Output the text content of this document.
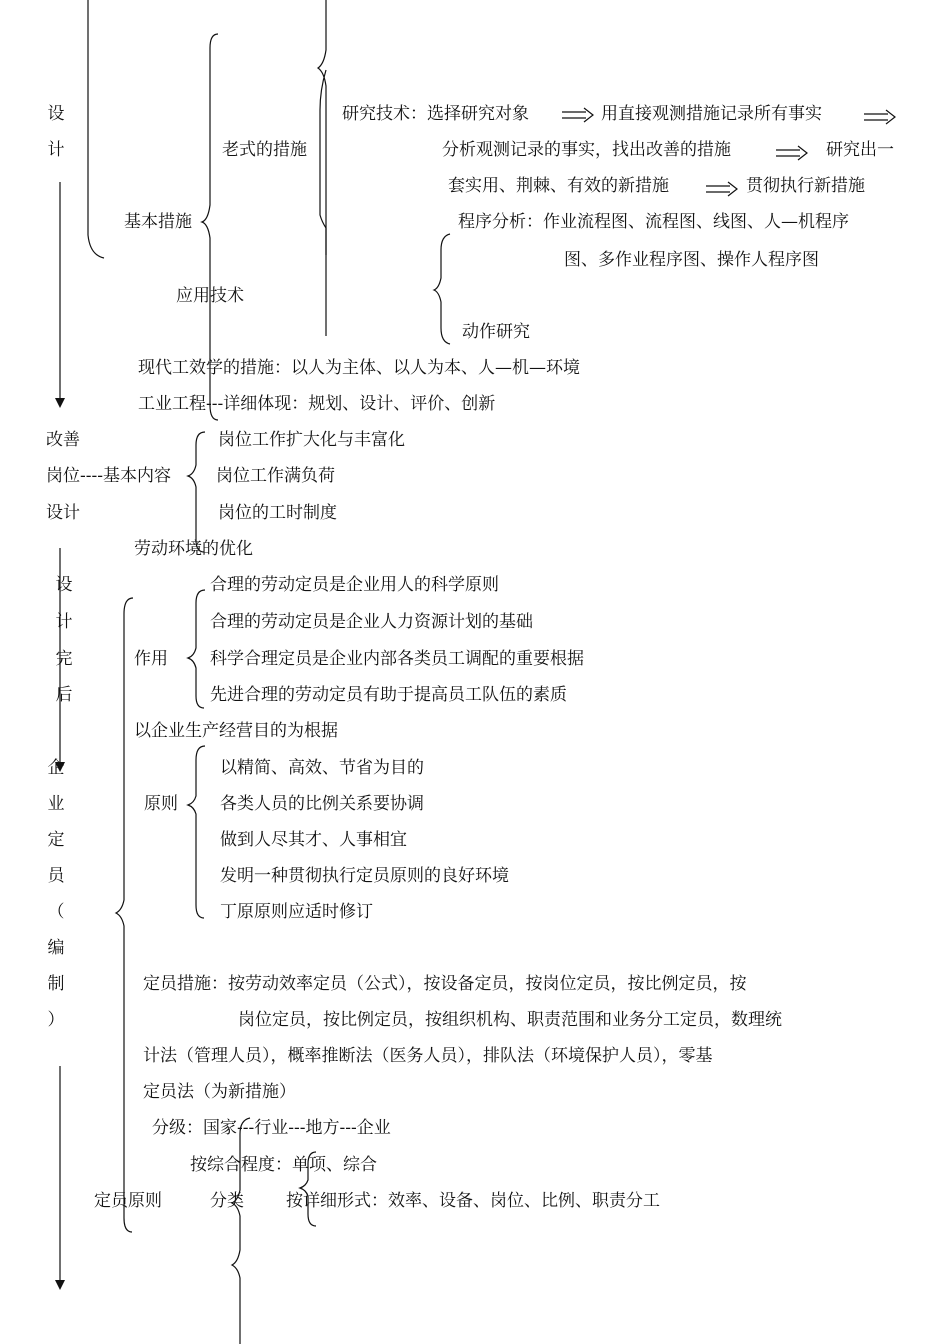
设
计
基本措施
老式的措施
应用技术
研究技术：选择研究对象	用直接观测措施记录所有事实
分析观测记录的事实，找出改善的措施	研究出一
套实用、荆棘、有效的新措施	贯彻执行新措施
程序分析：作业流程图、流程图、线图、人—机程序
图、多作业程序图、操作人程序图
动作研究
现代工效学的措施：以人为主体、以人为本、人—机—环境
工业工程---详细体现：规划、设计、评价、创新
改善
岗位----基本内容
设计
岗位工作扩大化与丰富化
岗位工作满负荷
岗位的工时制度
劳动环境的优化
设
计
完
后
企
业
定
员
（
编
制
）
作用
合理的劳动定员是企业用人的科学原则
合理的劳动定员是企业人力资源计划的基础
科学合理定员是企业内部各类员工调配的重要根据
先进合理的劳动定员有助于提高员工队伍的素质
以企业生产经营目的为根据
原则
以精简、高效、节省为目的
各类人员的比例关系要协调
做到人尽其才、人事相宜
发明一种贯彻执行定员原则的良好环境
丁原原则应适时修订
定员措施：按劳动效率定员（公式），按设备定员，按岗位定员，按比例定员，按
岗位定员，按比例定员，按组织机构、职责范围和业务分工定员，数理统
计法（管理人员），概率推断法（医务人员），排队法（环境保护人员），零基
定员法（为新措施）
分级：国家---行业---地方---企业
按综合程度：单项、综合
定员原则	分类 按详细形式：效率、设备、岗位、比例、职责分工
